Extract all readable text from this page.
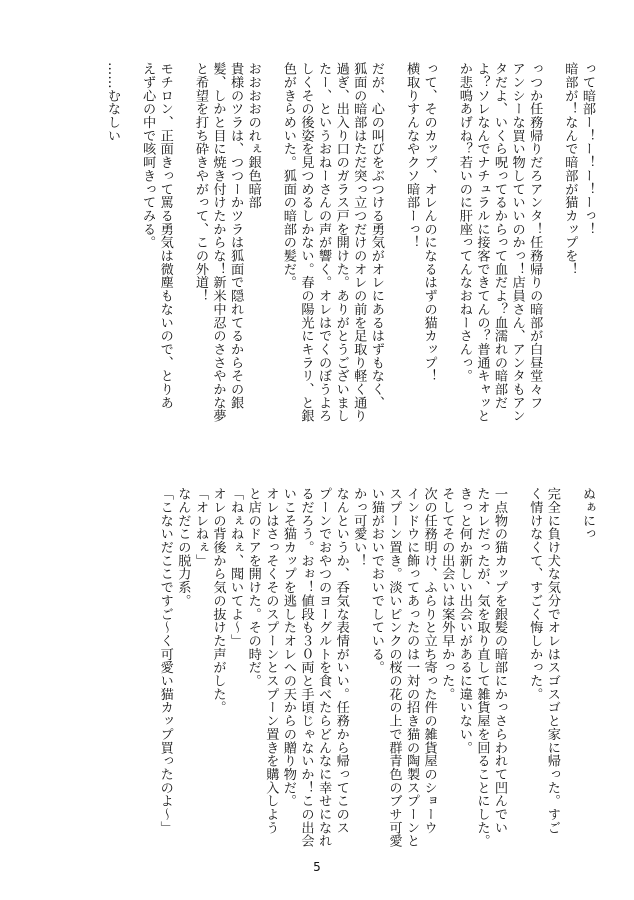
って暗部ー！ー！ー！ーっ！
暗部が！なんで暗部が猫カップを！
っつか任務帰りだろアンタ！任務帰りの暗部が白昼堂々フ
アンシーな買い物していいのかっ！店員さん、アンタもアン
タだよ、いくら呪ってるからって血だよ？血濡れの暗部だ
よ？ソレなんでナチュラルに接客できてんの？普通キャッと
か悲鳴あげね？若いのに肝座ってんなおねーさんっ。
って、そのカップ、オレんのになるはずの猫カップ！
横取りすんなやクソ暗部ーっ！
だが、心の叫びをぶつける勇気がオレにあるはずもなく、
狐面の暗部はただ突っ立つだけのオレの前を足取り軽く通り
過ぎ、出入り口のガラス戸を開けた。ありがとうございまし
たー、というおねーさんの声が響く。オレはでくのぼうよろ
しくその後姿を見つめるしかない。春の陽光にキラリ、と銀
色がきらめいた。狐面の暗部の髪だ。
おおおおのれぇ銀色暗部
貴様のツラは、つつーかツラは狐面で隠れてるからその銀
髪、しかと目に焼き付けたからな！新米中忍のささやかな夢
と希望を打ち砕きやがって、この外道！
モチロン、正面きって罵る勇気は微塵もないので、とりあ
えず心の中で咳呵きってみる。
……むなしい
ぬぁにっ
完全に負け犬な気分でオレはスゴスゴと家に帰った。すご
く情けなくて、すごく悔しかった。
一点物の猫カップを銀髪の暗部にかっさらわれて凹んでい
たオレだったが、気を取り直して雑貨屋を回ることにした。
きっと何か新しい出会いがあるに違いない。
そしてその出会いは案外早かった。
次の任務明け、ふらりと立ち寄った件の雑貨屋のショーウ
インドウに飾ってあったのは一対の招き猫の陶製スプーンと
スプーン置き。淡いピンクの桜の花の上で群青色のブサ可愛
い猫がおいでおいでしている。
かっ可愛い！
なんというか、呑気な表情がいい。任務から帰ってこのス
プーンでおやつのヨーグルトを食べたらどんなに幸せになれ
るだろう。おぉ！値段も３０両と手頃じゃないか！この出会
いこそ猫カップを逃したオレへの天からの贈り物だ。
オレはさっそくそのスプーンとスプーン置きを購入しよう
と店のドアを開けた。その時だ。
「ねぇねぇ、聞いてよ〜」
オレの背後から気の抜けた声がした。
「オレねぇ」
なんだこの脱力系。
「こないだここですご〜く可愛い猫カップ買ったのよ〜」
5
